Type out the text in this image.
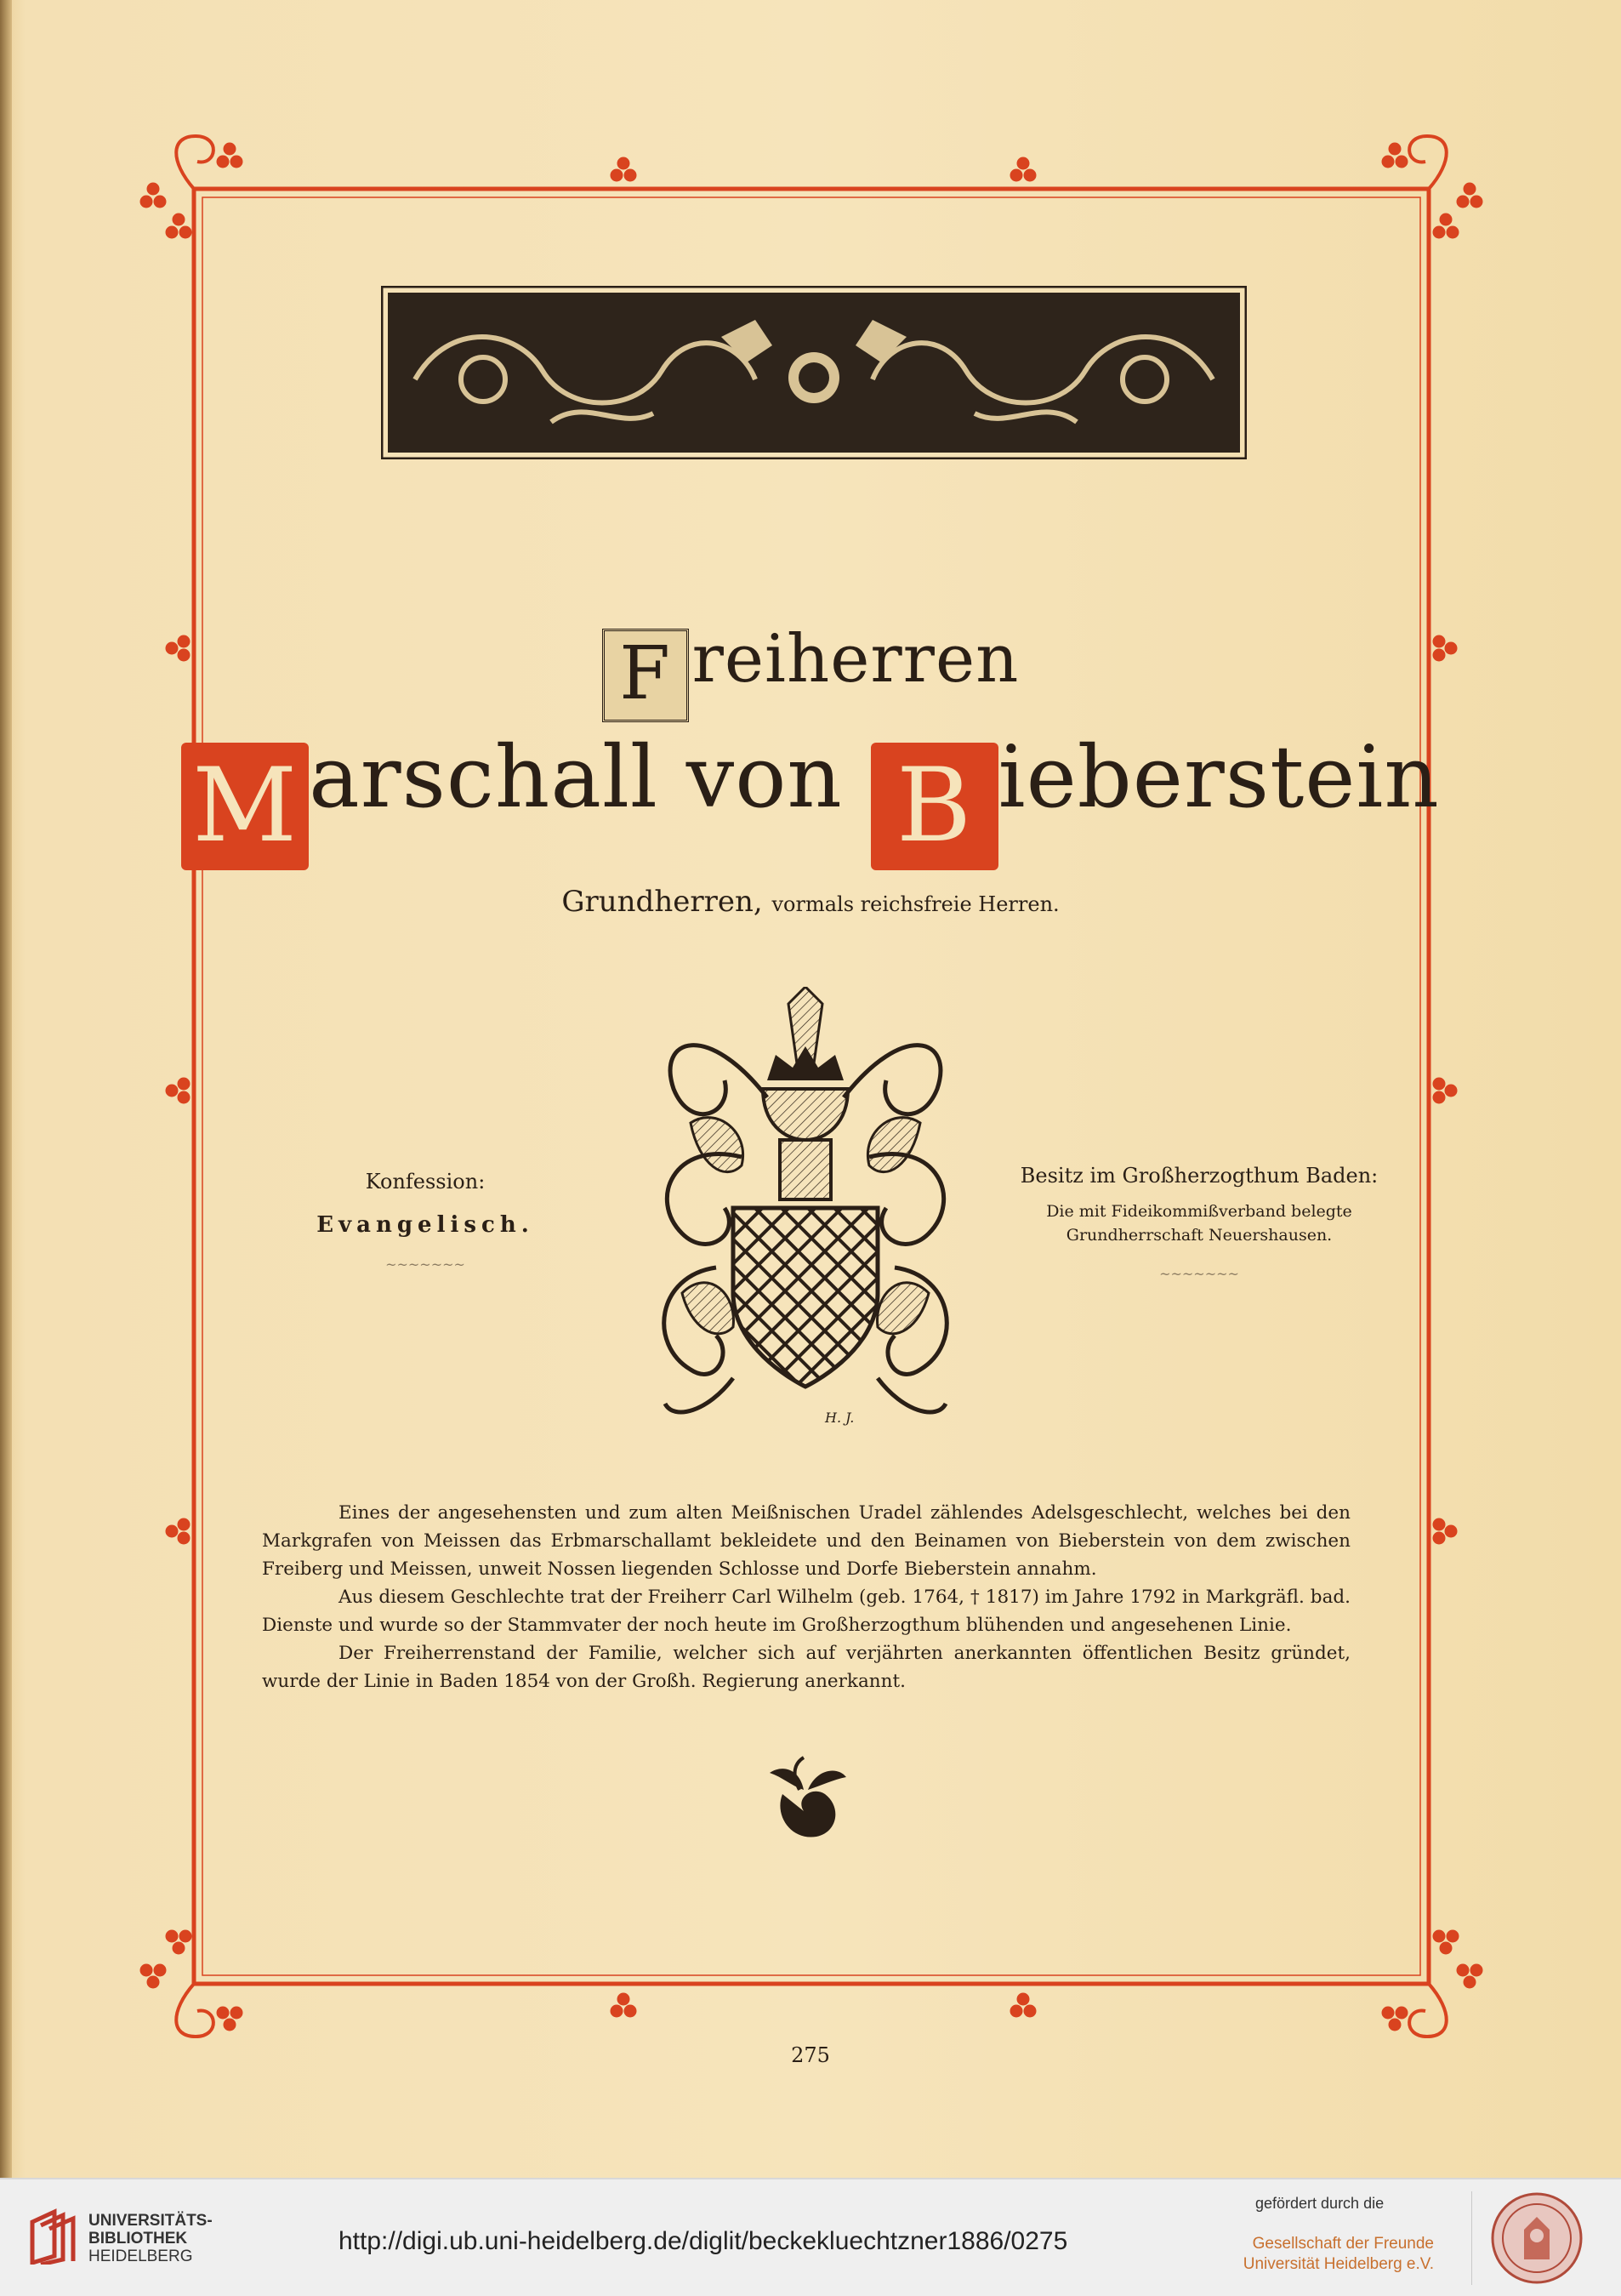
F reiherren
M arschall von B ieberstein
Grundherren, vormals reichsfreie Herren.
H. J.
Konfession:
Evangelisch.
~~~~~~~
Besitz im Großherzogthum Baden:
Die mit Fideikommißverband belegte
Grundherrschaft Neuershausen.
~~~~~~~

Eines der angesehensten und zum alten Meißnischen Uradel zählendes Adelsgeschlecht, welches bei den Markgrafen von Meissen das Erbmarschallamt bekleidete und den Beinamen von Bieberstein von dem zwischen Freiberg und Meissen, unweit Nossen liegenden Schlosse und Dorfe Bieberstein annahm.

Aus diesem Geschlechte trat der Freiherr Carl Wilhelm (geb. 1764, † 1817) im Jahre 1792 in Markgräfl. bad. Dienste und wurde so der Stammvater der noch heute im Großherzogthum blühenden und angesehenen Linie.

Der Freiherrenstand der Familie, welcher sich auf verjährten anerkannten öffentlichen Besitz gründet, wurde der Linie in Baden 1854 von der Großh. Regierung anerkannt.

275
UNIVERSITÄTS-
BIBLIOTHEK
HEIDELBERG
http://digi.ub.uni-heidelberg.de/diglit/beckekluechtzner1886/0275
gefördert durch die
Gesellschaft der Freunde
Universität Heidelberg e.V.
